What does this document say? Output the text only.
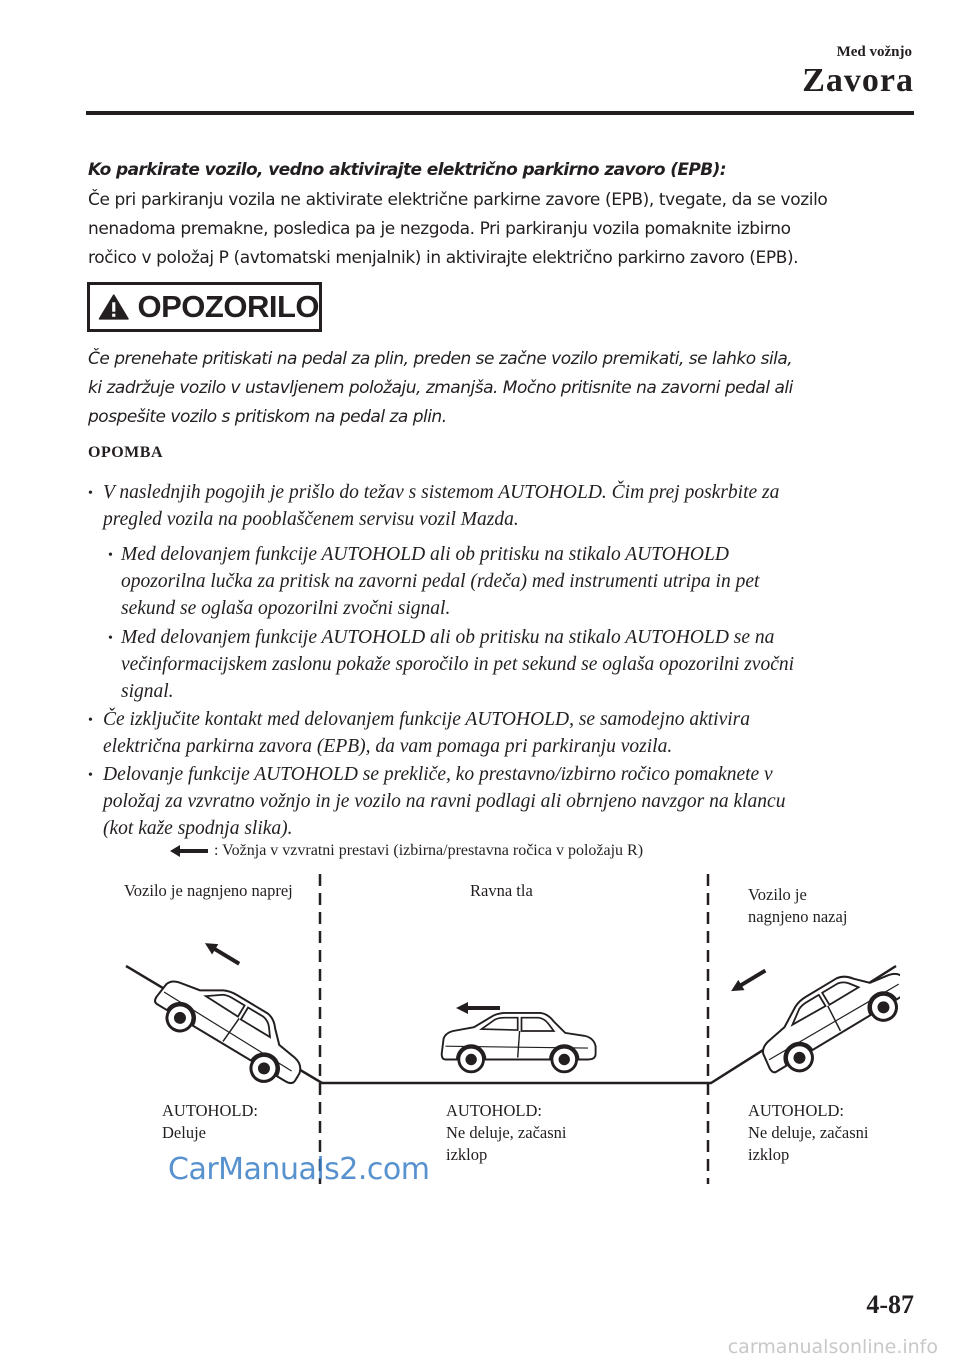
Med vožnjo
Zavora
Ko parkirate vozilo, vedno aktivirajte električno parkirno zavoro (EPB):
Če pri parkiranju vozila ne aktivirate električne parkirne zavore (EPB), tvegate, da se vozilo
nenadoma premakne, posledica pa je nezgoda. Pri parkiranju vozila pomaknite izbirno
ročico v položaj P (avtomatski menjalnik) in aktivirajte električno parkirno zavoro (EPB).
OPOZORILO
Če prenehate pritiskati na pedal za plin, preden se začne vozilo premikati, se lahko sila,
ki zadržuje vozilo v ustavljenem položaju, zmanjša. Močno pritisnite na zavorni pedal ali
pospešite vozilo s pritiskom na pedal za plin.
OPOMBA
• V naslednjih pogojih je prišlo do težav s sistemom AUTOHOLD. Čim prej poskrbite za
pregled vozila na pooblaščenem servisu vozil Mazda.
• Med delovanjem funkcije AUTOHOLD ali ob pritisku na stikalo AUTOHOLD
opozorilna lučka za pritisk na zavorni pedal (rdeča) med instrumenti utripa in pet
sekund se oglaša opozorilni zvočni signal.
• Med delovanjem funkcije AUTOHOLD ali ob pritisku na stikalo AUTOHOLD se na
večinformacijskem zaslonu pokaže sporočilo in pet sekund se oglaša opozorilni zvočni
signal.
• Če izključite kontakt med delovanjem funkcije AUTOHOLD, se samodejno aktivira
električna parkirna zavora (EPB), da vam pomaga pri parkiranju vozila.
• Delovanje funkcije AUTOHOLD se prekliče, ko prestavno/izbirno ročico pomaknete v
položaj za vzvratno vožnjo in je vozilo na ravni podlagi ali obrnjeno navzgor na klancu
(kot kaže spodnja slika).
: Vožnja v vzvratni prestavi (izbirna/prestavna ročica v položaju R)
Vozilo je nagnjeno naprej	Ravna tla	Vozilo je
nagnjeno nazaj
AUTOHOLD:
Deluje
AUTOHOLD:
Ne deluje, začasni
izklop
AUTOHOLD:
Ne deluje, začasni
izklop
CarManuals2.com
4-87
carmanualsonline.info
